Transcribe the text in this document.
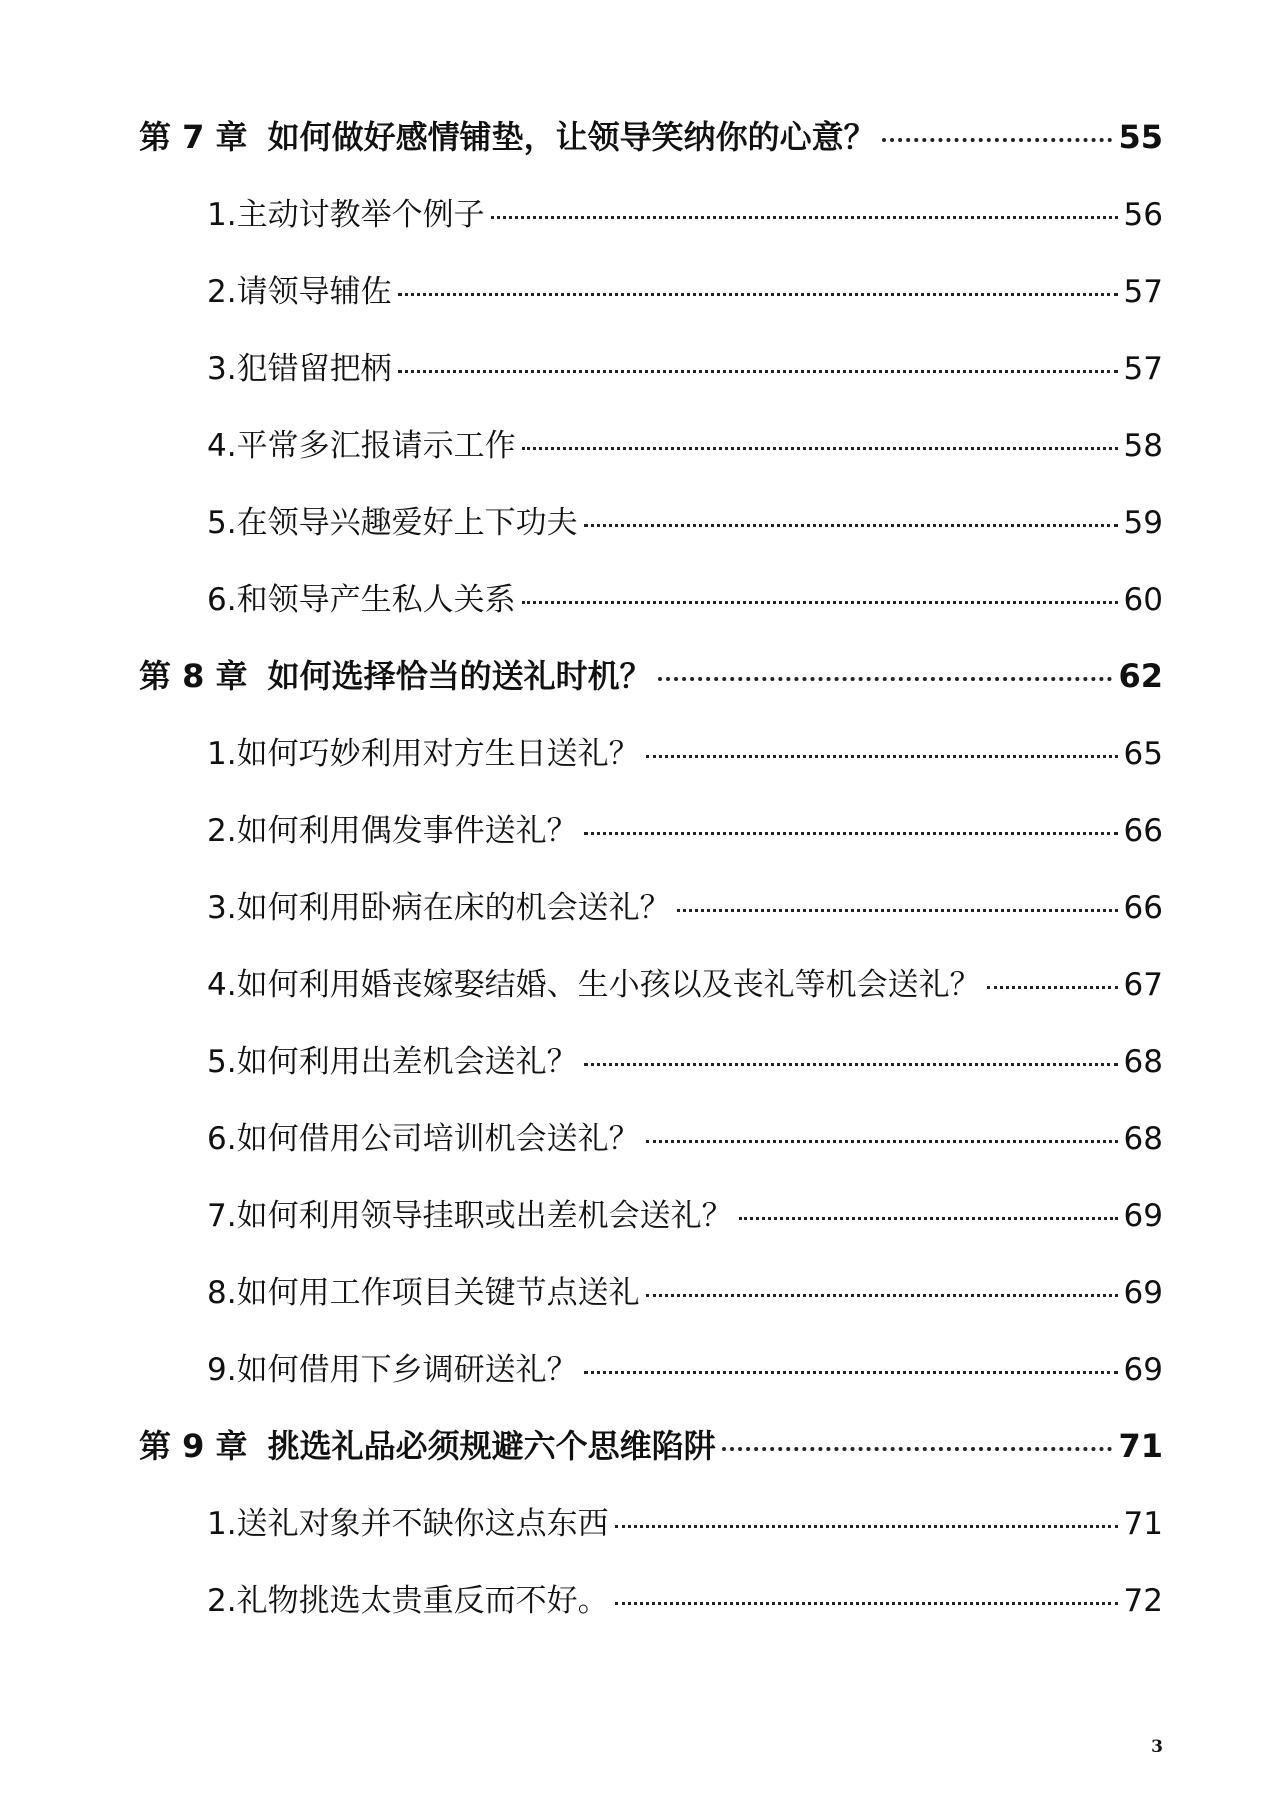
第 7 章 如何做好感情铺垫，让领导笑纳你的心意？	55
1.主动讨教举个例子	56
2.请领导辅佐	57
3.犯错留把柄	57
4.平常多汇报请示工作	58
5.在领导兴趣爱好上下功夫	59
6.和领导产生私人关系	60
第 8 章 如何选择恰当的送礼时机？	62
1.如何巧妙利用对方生日送礼？	65
2.如何利用偶发事件送礼？	66
3.如何利用卧病在床的机会送礼？	66
4.如何利用婚丧嫁娶结婚、生小孩以及丧礼等机会送礼？	67
5.如何利用出差机会送礼？	68
6.如何借用公司培训机会送礼？	68
7.如何利用领导挂职或出差机会送礼？	69
8.如何用工作项目关键节点送礼	69
9.如何借用下乡调研送礼？	69
第 9 章 挑选礼品必须规避六个思维陷阱	71
1.送礼对象并不缺你这点东西	71
2.礼物挑选太贵重反而不好。	72
3
